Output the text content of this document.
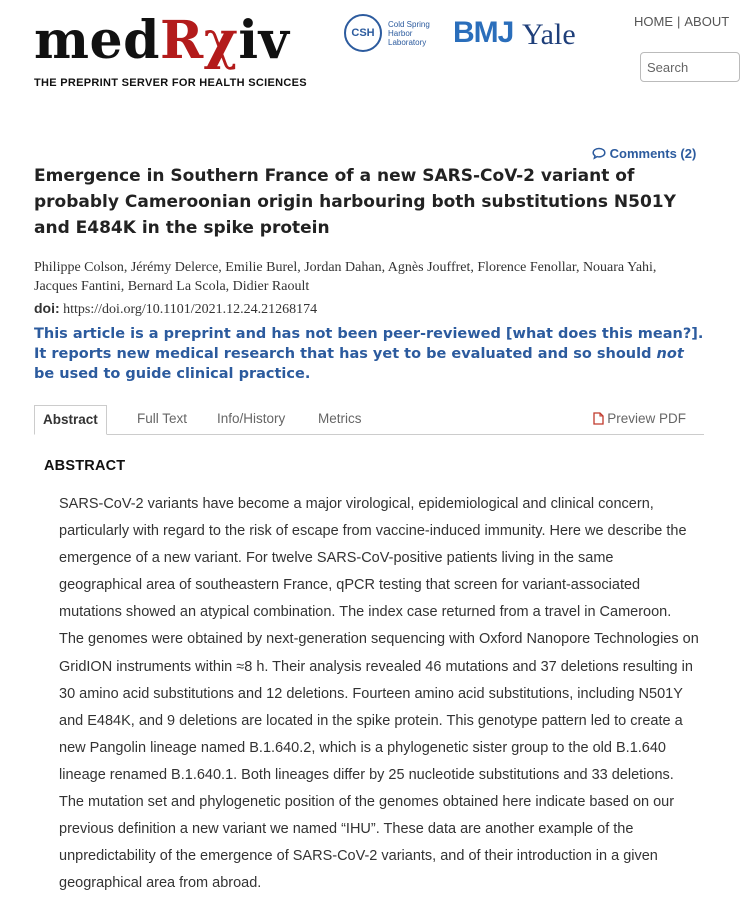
medRχiv
THE PREPRINT SERVER FOR HEALTH SCIENCES
CSH
Cold Spring Harbor Laboratory BMJ Yale	HOME | ABOUT
Search
Comments (2)
Emergence in Southern France of a new SARS-CoV-2 variant of probably Cameroonian origin harbouring both substitutions N501Y and E484K in the spike protein
Philippe Colson, Jérémy Delerce, Emilie Burel, Jordan Dahan, Agnès Jouffret, Florence Fenollar, Nouara Yahi, Jacques Fantini, Bernard La Scola, Didier Raoult
doi: https://doi.org/10.1101/2021.12.24.21268174
This article is a preprint and has not been peer-reviewed [what does this mean?]. It reports new medical research that has yet to be evaluated and so should not be used to guide clinical practice.
Abstract	Full Text Info/History Metrics	Preview PDF
ABSTRACT

SARS-CoV-2 variants have become a major virological, epidemiological and clinical concern, particularly with regard to the risk of escape from vaccine-induced immunity. Here we describe the emergence of a new variant. For twelve SARS-CoV-positive patients living in the same geographical area of southeastern France, qPCR testing that screen for variant-associated mutations showed an atypical combination. The index case returned from a travel in Cameroon. The genomes were obtained by next-generation sequencing with Oxford Nanopore Technologies on GridION instruments within ≈8 h. Their analysis revealed 46 mutations and 37 deletions resulting in 30 amino acid substitutions and 12 deletions. Fourteen amino acid substitutions, including N501Y and E484K, and 9 deletions are located in the spike protein. This genotype pattern led to create a new Pangolin lineage named B.1.640.2, which is a phylogenetic sister group to the old B.1.640 lineage renamed B.1.640.1. Both lineages differ by 25 nucleotide substitutions and 33 deletions. The mutation set and phylogenetic position of the genomes obtained here indicate based on our previous definition a new variant we named “IHU”. These data are another example of the unpredictability of the emergence of SARS-CoV-2 variants, and of their introduction in a given geographical area from abroad.
